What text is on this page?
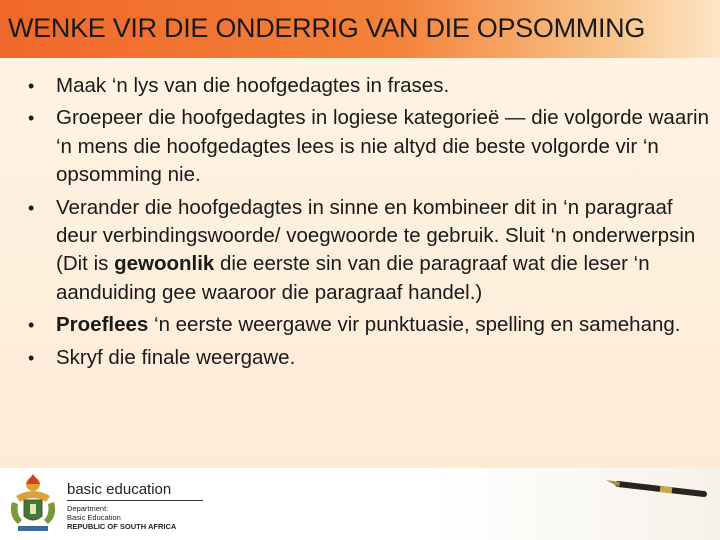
WENKE VIR DIE ONDERRIG VAN DIE OPSOMMING
• Maak ‘n lys van die hoofgedagtes in frases.
• Groepeer die hoofgedagtes in logiese kategorieë — die volgorde waarin ‘n mens die hoofgedagtes lees is nie altyd die beste volgorde vir ‘n opsomming nie.
• Verander die hoofgedagtes in sinne en kombineer dit in ‘n paragraaf deur verbindingswoorde/ voegwoorde te gebruik. Sluit ‘n onderwerpsin (Dit is gewoonlik die eerste sin van die paragraaf wat die leser ‘n aanduiding gee waaroor die paragraaf handel.)
• Proeflees ‘n eerste weergawe vir punktuasie, spelling en samehang.
• Skryf die finale weergawe.
basic education
Department:
Basic Education
REPUBLIC OF SOUTH AFRICA
